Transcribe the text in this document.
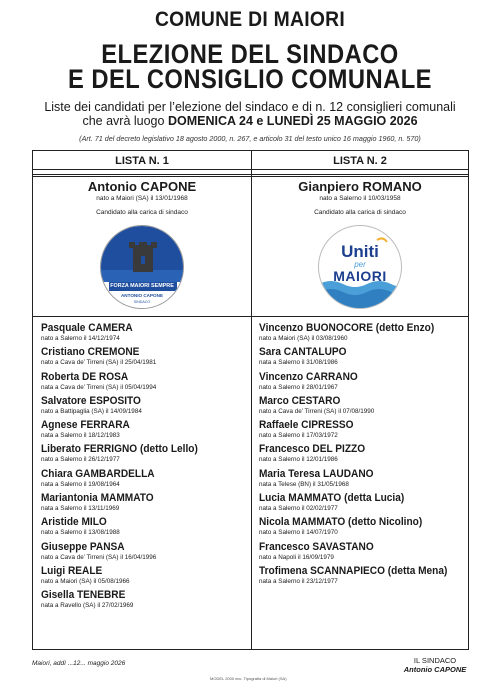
COMUNE DI MAIORI
ELEZIONE DEL SINDACO
E DEL CONSIGLIO COMUNALE
Liste dei candidati per l’elezione del sindaco e di n. 12 consiglieri comunali
che avrà luogo DOMENICA 24 e LUNEDÌ 25 MAGGIO 2026
(Art. 71 del decreto legislativo 18 agosto 2000, n. 267, e articolo 31 del testo unico 16 maggio 1960, n. 570)
LISTA N. 1
Antonio CAPONE
nato a Maiori (SA) il 13/01/1968
Candidato alla carica di sindaco
FORZA MAIORI SEMPRE
ANTONIO CAPONE
SINDACO
Pasquale CAMERA
nato a Salerno il 14/12/1974
Cristiano CREMONE
nato a Cava de’ Tirreni (SA) il 25/04/1981
Roberta DE ROSA
nata a Cava de’ Tirreni (SA) il 05/04/1994
Salvatore ESPOSITO
nato a Battipaglia (SA) il 14/09/1984
Agnese FERRARA
nata a Salerno il 18/12/1983
Liberato FERRIGNO (detto Lello)
nato a Salerno il 26/12/1977
Chiara GAMBARDELLA
nata a Salerno il 19/08/1964
Mariantonia MAMMATO
nata a Salerno il 13/11/1969
Aristide MILO
nato a Salerno il 13/08/1988
Giuseppe PANSA
nato a Cava de’ Tirreni (SA) il 16/04/1996
Luigi REALE
nato a Maiori (SA) il 05/08/1966
Gisella TENEBRE
nata a Ravello (SA) il 27/02/1969
LISTA N. 2
Gianpiero ROMANO
nato a Salerno il 10/03/1958
Candidato alla carica di sindaco
Uniti
per
MAIORI
Vincenzo BUONOCORE (detto Enzo)
nato a Maiori (SA) il 03/08/1960
Sara CANTALUPO
nata a Salerno il 31/08/1986
Vincenzo CARRANO
nato a Salerno il 28/01/1967
Marco CESTARO
nato a Cava de’ Tirreni (SA) il 07/08/1990
Raffaele CIPRESSO
nato a Salerno il 17/03/1972
Francesco DEL PIZZO
nato a Salerno il 12/01/1986
Maria Teresa LAUDANO
nata a Telese (BN) il 31/05/1968
Lucia MAMMATO (detta Lucia)
nata a Salerno il 02/02/1977
Nicola MAMMATO (detto Nicolino)
nato a Salerno il 14/07/1970
Francesco SAVASTANO
nato a Napoli il 16/09/1979
Trofimena SCANNAPIECO (detta Mena)
nata a Salerno il 23/12/1977
Maiori, addì ...12... maggio 2026
MODEL 2000 ecc. Tipografia di Maiori (SA)
IL SINDACO
Antonio CAPONE
